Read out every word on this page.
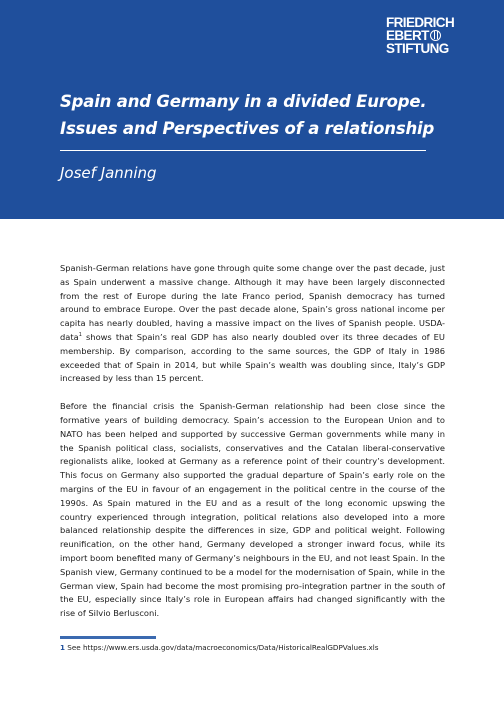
FRIEDRICH
EBERT
STIFTUNG
Spain and Germany in a divided Europe.
Issues and Perspectives of a relationship
Josef Janning

Spanish-German relations have gone through quite some change over the past decade, just as Spain underwent a massive change. Although it may have been largely disconnected from the rest of Europe during the late Franco period, Spanish democracy has turned around to embrace Europe. Over the past decade alone, Spain’s gross national income per capita has nearly doubled, having a massive impact on the lives of Spanish people. USDA-data$^1$ shows that Spain’s real GDP has also nearly doubled over its three decades of EU membership. By comparison, according to the same sources, the GDP of Italy in 1986 exceeded that of Spain in 2014, but while Spain’s wealth was doubling since, Italy’s GDP increased by less than 15 percent.

Before the financial crisis the Spanish-German relationship had been close since the formative years of building democracy. Spain’s accession to the European Union and to NATO has been helped and supported by successive German governments while many in the Spanish political class, socialists, conservatives and the Catalan liberal-conservative regionalists alike, looked at Germany as a reference point of their country’s development. This focus on Germany also supported the gradual departure of Spain’s early role on the margins of the EU in favour of an engagement in the political centre in the course of the 1990s. As Spain matured in the EU and as a result of the long economic upswing the country experienced through integration, political relations also developed into a more balanced relationship despite the differences in size, GDP and political weight. Following reunification, on the other hand, Germany developed a stronger inward focus, while its import boom benefited many of Germany’s neighbours in the EU, and not least Spain. In the Spanish view, Germany continued to be a model for the modernisation of Spain, while in the German view, Spain had become the most promising pro-integration partner in the south of the EU, especially since Italy’s role in European affairs had changed significantly with the rise of Silvio Berlusconi.

1 See https://www.ers.usda.gov/data/macroeconomics/Data/HistoricalRealGDPValues.xls
